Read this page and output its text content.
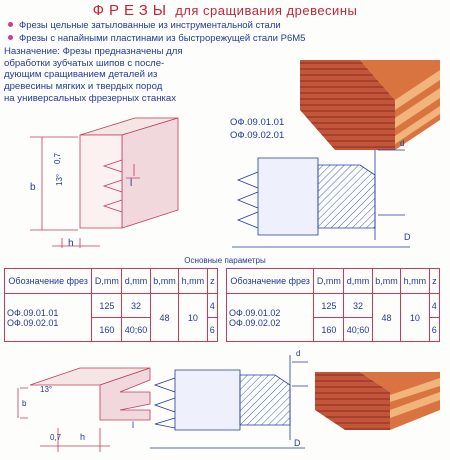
ФРЕЗЫ для сращивания древесины
Фрезы цельные затылованные из инструментальной стали
Фрезы с напайными пластинами из быстрорежущей стали Р6М5
Назначение: Фрезы предназначены для
обработки зубчатых шипов с после-
дующим сращиванием деталей из
древесины мягких и твердых пород
на универсальных фрезерных станках
b
0,7
13°
h
l
d
D
b
13°
0,7 h
l
d
D
ОФ.09.01.01
ОФ.09.02.01
Основные параметры
Обозначение фрез	D,mm	d,mm	b,mm	h,mm	z

ОФ.09.01.01
ОФ.09.02.01	125	32	48	10	4
	160	40;60			6
Обозначение фрез	D,mm	d,mm	b,mm	h,mm	z

ОФ.09.01.02
ОФ.09.02.02	125	32	48	10	4
	160	40;60			6
